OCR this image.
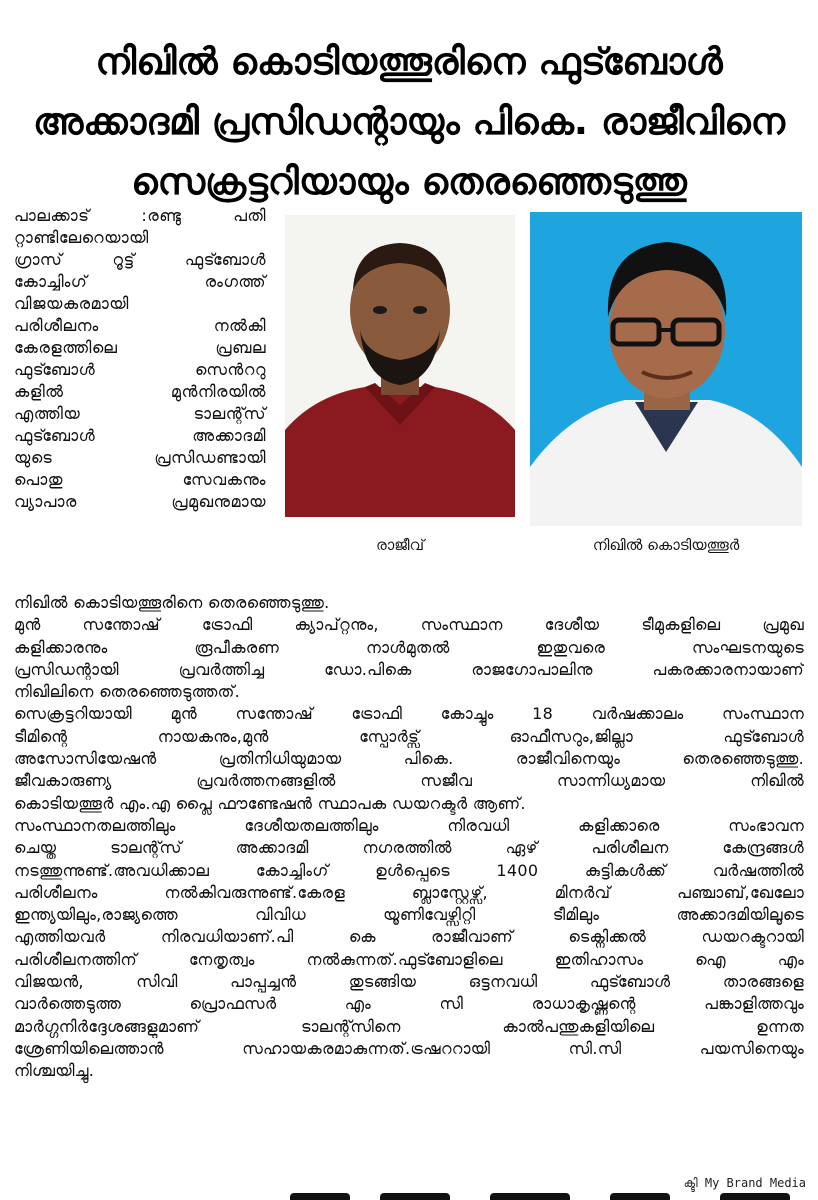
നിഖിൽ കൊടിയത്തൂരിനെ ഫുട്ബോൾ
അക്കാദമി പ്രസിഡന്റായും പികെ. രാജീവിനെ
സെക്രട്ടറിയായും തെരഞ്ഞെടുത്തു

പാലക്കാട് :രണ്ടു പതി
റ്റാണ്ടിലേറെയായി
ഗ്രാസ് റൂട്ട് ഫുട്ബോൾ
കോച്ചിംഗ് രംഗത്ത്
വിജയകരമായി
പരിശീലനം നൽകി
കേരളത്തിലെ പ്രബല
ഫുട്ബോൾ സെൻററു
കളിൽ മുൻനിരയിൽ
എത്തിയ ടാലന്റ്സ്
ഫുട്ബോൾ അക്കാദമി
യുടെ പ്രസിഡണ്ടായി
പൊതു സേവകനും
വ്യാപാര പ്രമുഖനുമായ

രാജീവ്	നിഖിൽ കൊടിയത്തൂർ

നിഖിൽ കൊടിയത്തൂരിനെ തെരഞ്ഞെടുത്തു.
മുൻ സന്തോഷ് ട്രോഫി ക്യാപ്റ്റനും, സംസ്ഥാന ദേശീയ ടീമുകളിലെ പ്രമുഖ
കളിക്കാരനും രൂപീകരണ നാൾമുതൽ ഇതുവരെ സംഘടനയുടെ
പ്രസിഡന്റായി പ്രവർത്തിച്ച ഡോ.പികെ രാജഗോപാലിനു പകരക്കാരനായാണ്
നിഖിലിനെ തെരഞ്ഞെടുത്തത്.
സെക്രട്ടറിയായി മുൻ സന്തോഷ് ട്രോഫി കോച്ചും 18 വർഷക്കാലം സംസ്ഥാന
ടീമിന്റെ നായകനും,മുൻ സ്പോർട്സ് ഓഫീസറും,ജില്ലാ ഫുട്ബോൾ
അസോസിയേഷൻ പ്രതിനിധിയുമായ പികെ. രാജീവിനെയും തെരഞ്ഞെടുത്തു.
ജീവകാരുണ്യ പ്രവർത്തനങ്ങളിൽ സജീവ സാന്നിധ്യമായ നിഖിൽ
കൊടിയത്തൂർ എം.എ പ്ലൈ ഫൗണ്ടേഷൻ സ്ഥാപക ഡയറക്ടർ ആണ്.
സംസ്ഥാനതലത്തിലും ദേശീയതലത്തിലും നിരവധി കളിക്കാരെ സംഭാവന
ചെയ്ത ടാലന്റ്സ് അക്കാദമി നഗരത്തിൽ ഏഴ് പരിശീലന കേന്ദ്രങ്ങൾ
നടത്തുന്നുണ്ട്.അവധിക്കാല കോച്ചിംഗ് ഉൾപ്പെടെ 1400 കുട്ടികൾക്ക് വർഷത്തിൽ
പരിശീലനം നൽകിവരുന്നുണ്ട്.കേരള ബ്ലാസ്റ്റേഴ്സ്, മിനർവ് പഞ്ചാബ്,ഖേലോ
ഇന്ത്യയിലും,രാജ്യത്തെ വിവിധ യൂണിവേഴ്സിറ്റി ടീമിലും അക്കാദമിയിലൂടെ
എത്തിയവർ നിരവധിയാണ്.പി കെ രാജീവാണ് ടെക്നിക്കൽ ഡയറക്ടറായി
പരിശീലനത്തിന് നേതൃത്വം നൽകുന്നത്.ഫുട്ബോളിലെ ഇതിഹാസം ഐ എം
വിജയൻ, സിവി പാപ്പച്ചൻ തുടങ്ങിയ ഒട്ടനവധി ഫുട്ബോൾ താരങ്ങളെ
വാർത്തെടുത്ത പ്രൊഫസർ എം സി രാധാകൃഷ്ണന്റെ പങ്കാളിത്തവും
മാർഗ്ഗനിർദ്ദേശങ്ങളുമാണ് ടാലന്റ്സിനെ കാൽപന്തുകളിയിലെ ഉന്നത
ശ്രേണിയിലെത്താൻ സഹായകരമാകുന്നത്.ട്രഷററായി സി.സി പയസിനെയും
നിശ്ചയിച്ചു.

ക്ടി My Brand Media
